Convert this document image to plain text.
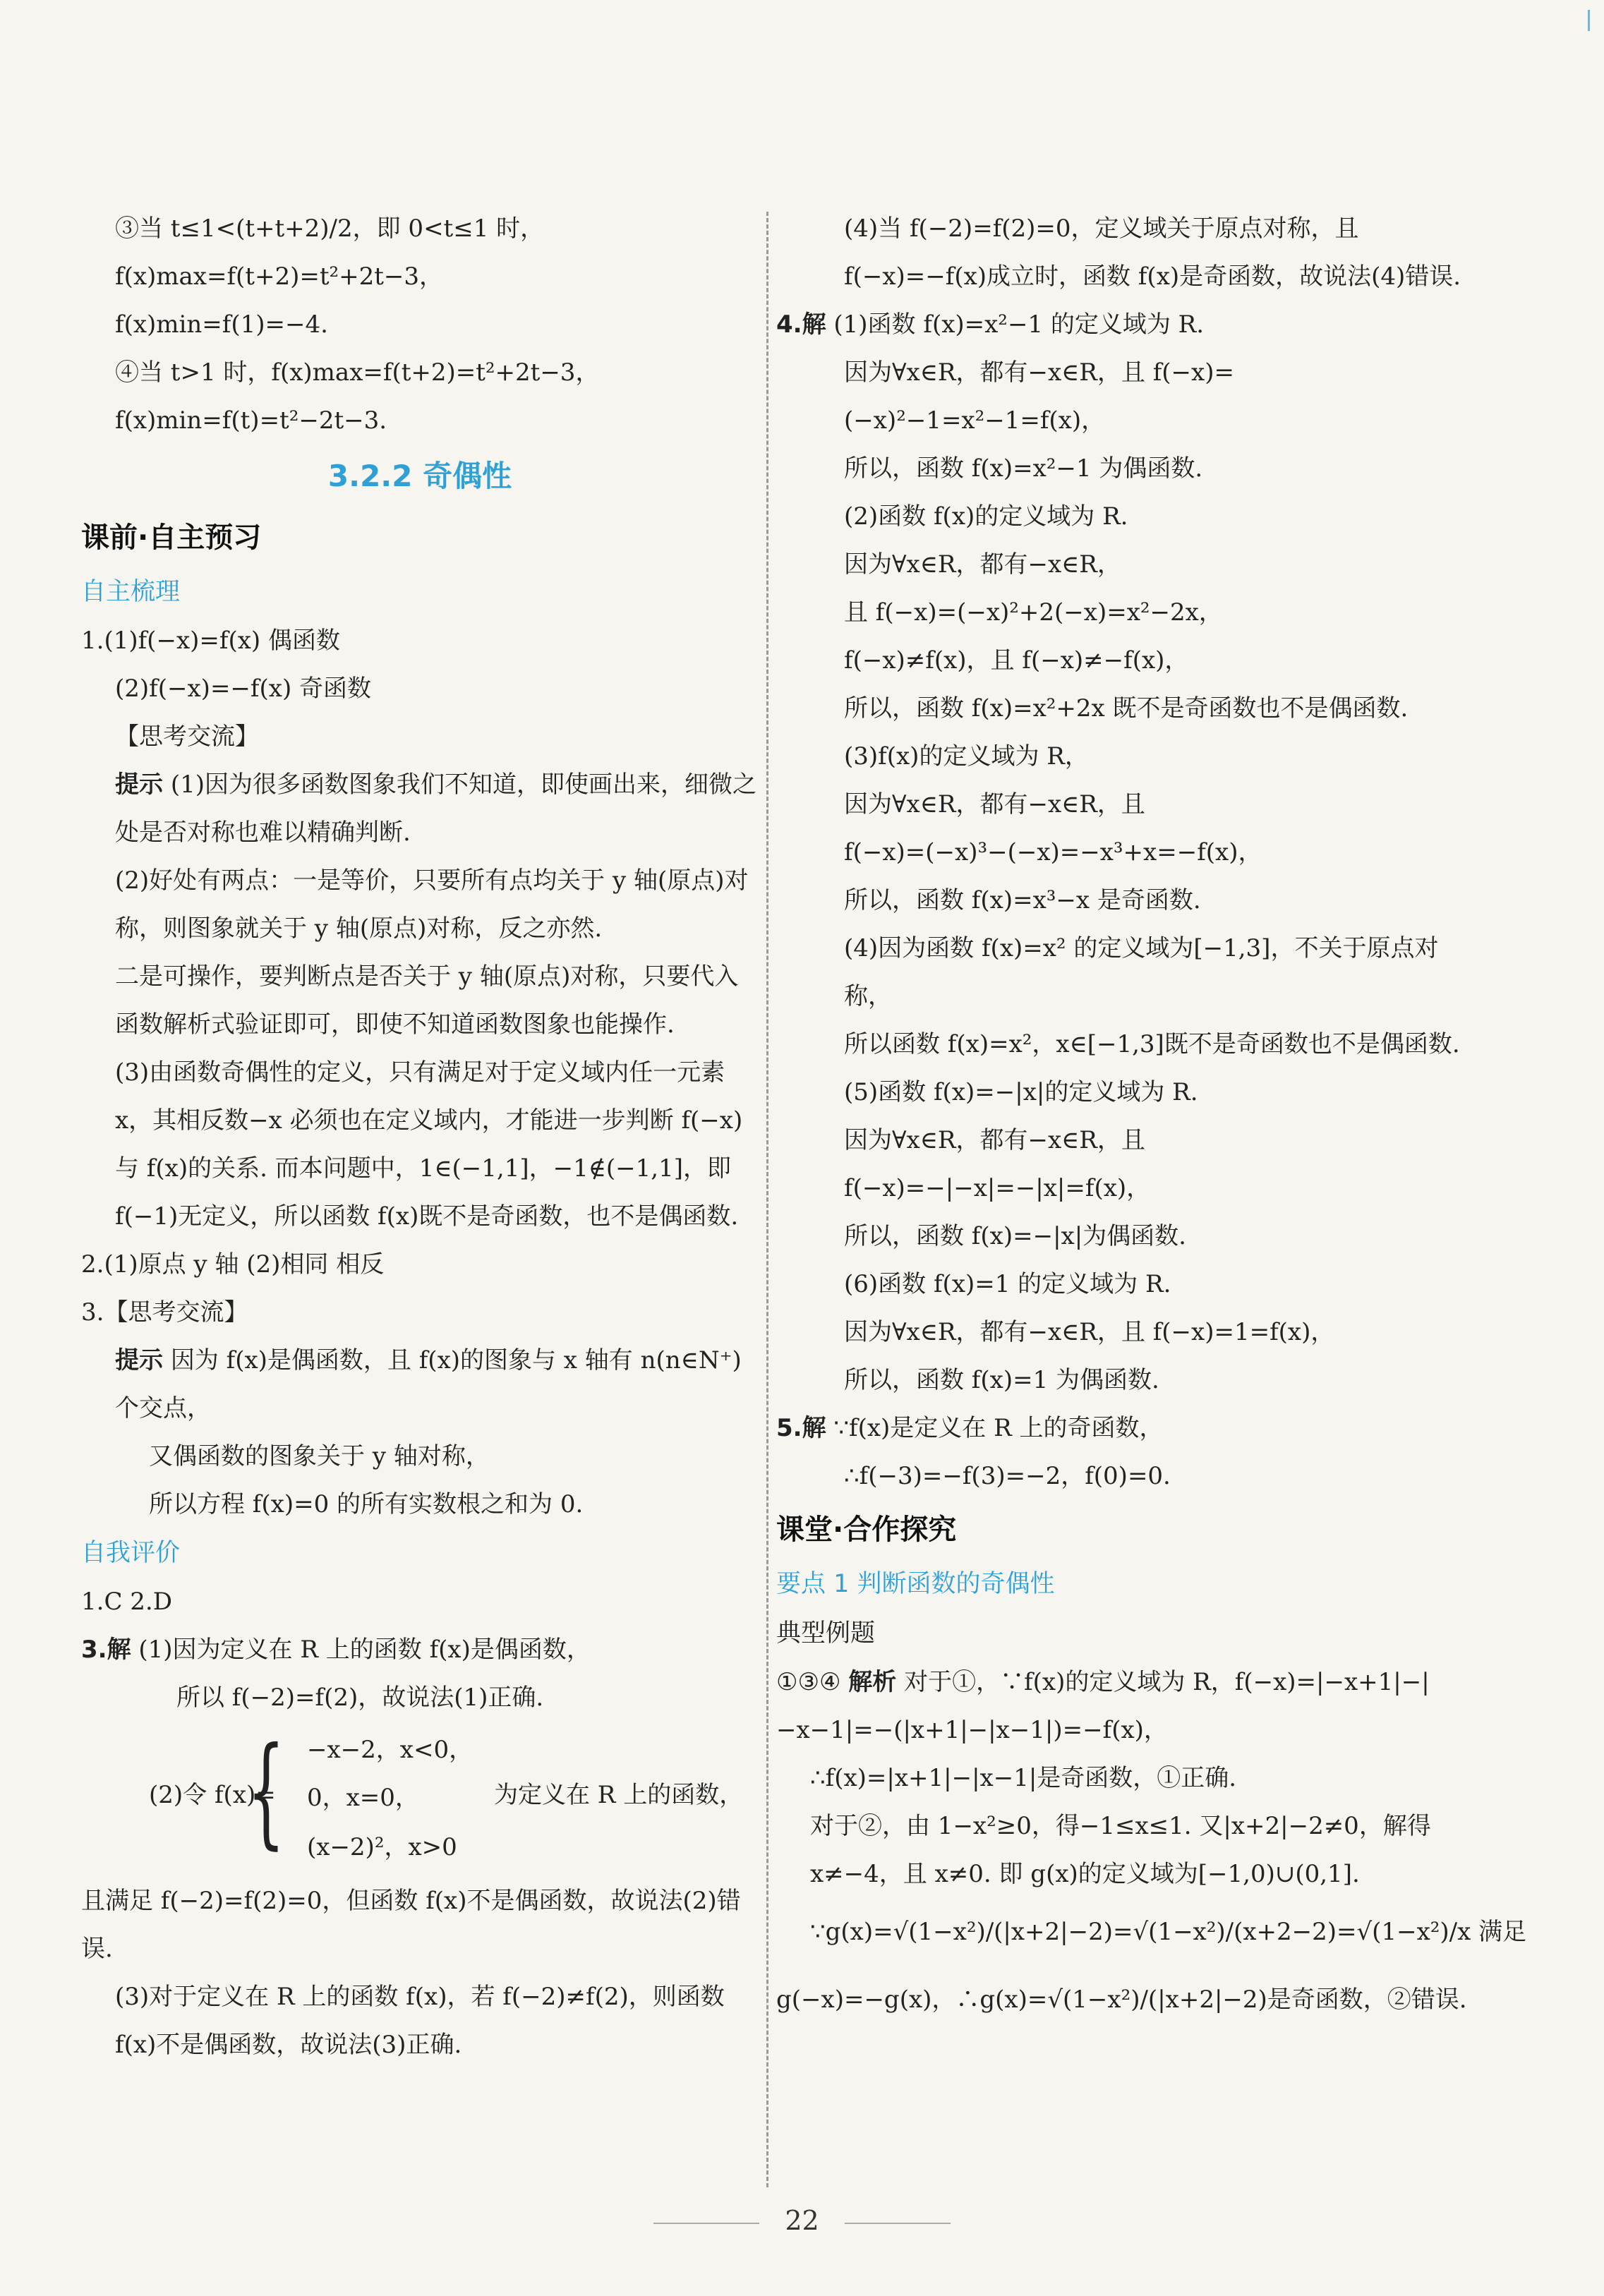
③当 t≤1<(t+t+2)/2，即 0<t≤1 时，
f(x)max=f(t+2)=t²+2t−3，
f(x)min=f(1)=−4.
④当 t>1 时，f(x)max=f(t+2)=t²+2t−3，
f(x)min=f(t)=t²−2t−3.
3.2.2 奇偶性
课前·自主预习
自主梳理
1.(1)f(−x)=f(x) 偶函数
(2)f(−x)=−f(x) 奇函数
【思考交流】
提示 (1)因为很多函数图象我们不知道，即使画出来，细微之处是否对称也难以精确判断.
(2)好处有两点：一是等价，只要所有点均关于 y 轴(原点)对称，则图象就关于 y 轴(原点)对称，反之亦然.
二是可操作，要判断点是否关于 y 轴(原点)对称，只要代入函数解析式验证即可，即使不知道函数图象也能操作.
(3)由函数奇偶性的定义，只有满足对于定义域内任一元素 x，其相反数−x 必须也在定义域内，才能进一步判断 f(−x)与 f(x)的关系. 而本问题中，1∈(−1,1]，−1∉(−1,1]，即 f(−1)无定义，所以函数 f(x)既不是奇函数，也不是偶函数.
2.(1)原点 y 轴 (2)相同 相反
3.【思考交流】
提示 因为 f(x)是偶函数，且 f(x)的图象与 x 轴有 n(n∈N⁺)个交点，
又偶函数的图象关于 y 轴对称，
所以方程 f(x)=0 的所有实数根之和为 0.
自我评价
1.C 2.D
3.解 (1)因为定义在 R 上的函数 f(x)是偶函数，
所以 f(−2)=f(2)，故说法(1)正确.
(2)令 f(x)=
{ −x−2，x<0，
0，x=0，
(x−2)²，x>0
为定义在 R 上的函数，
且满足 f(−2)=f(2)=0，但函数 f(x)不是偶函数，故说法(2)错误.
(3)对于定义在 R 上的函数 f(x)，若 f(−2)≠f(2)，则函数 f(x)不是偶函数，故说法(3)正确.
(4)当 f(−2)=f(2)=0，定义域关于原点对称，且 f(−x)=−f(x)成立时，函数 f(x)是奇函数，故说法(4)错误.
4.解 (1)函数 f(x)=x²−1 的定义域为 R.
因为∀x∈R，都有−x∈R，且 f(−x)=(−x)²−1=x²−1=f(x)，
所以，函数 f(x)=x²−1 为偶函数.
(2)函数 f(x)的定义域为 R.
因为∀x∈R，都有−x∈R，
且 f(−x)=(−x)²+2(−x)=x²−2x，
f(−x)≠f(x)，且 f(−x)≠−f(x)，
所以，函数 f(x)=x²+2x 既不是奇函数也不是偶函数.
(3)f(x)的定义域为 R，
因为∀x∈R，都有−x∈R，且
f(−x)=(−x)³−(−x)=−x³+x=−f(x)，
所以，函数 f(x)=x³−x 是奇函数.
(4)因为函数 f(x)=x² 的定义域为[−1,3]，不关于原点对称，
所以函数 f(x)=x²，x∈[−1,3]既不是奇函数也不是偶函数.
(5)函数 f(x)=−|x|的定义域为 R.
因为∀x∈R，都有−x∈R，且
f(−x)=−|−x|=−|x|=f(x)，
所以，函数 f(x)=−|x|为偶函数.
(6)函数 f(x)=1 的定义域为 R.
因为∀x∈R，都有−x∈R，且 f(−x)=1=f(x)，
所以，函数 f(x)=1 为偶函数.
5.解 ∵f(x)是定义在 R 上的奇函数，
∴f(−3)=−f(3)=−2，f(0)=0.
课堂·合作探究
要点 1 判断函数的奇偶性
典型例题
①③④ 解析 对于①，∵f(x)的定义域为 R，f(−x)=|−x+1|−|−x−1|=−(|x+1|−|x−1|)=−f(x)，
∴f(x)=|x+1|−|x−1|是奇函数，①正确.
对于②，由 1−x²≥0，得−1≤x≤1. 又|x+2|−2≠0，解得 x≠−4，且 x≠0. 即 g(x)的定义域为[−1,0)∪(0,1].
∵g(x)=√(1−x²)/(|x+2|−2)=√(1−x²)/(x+2−2)=√(1−x²)/x 满足
g(−x)=−g(x)，∴g(x)=√(1−x²)/(|x+2|−2)是奇函数，②错误.
22
